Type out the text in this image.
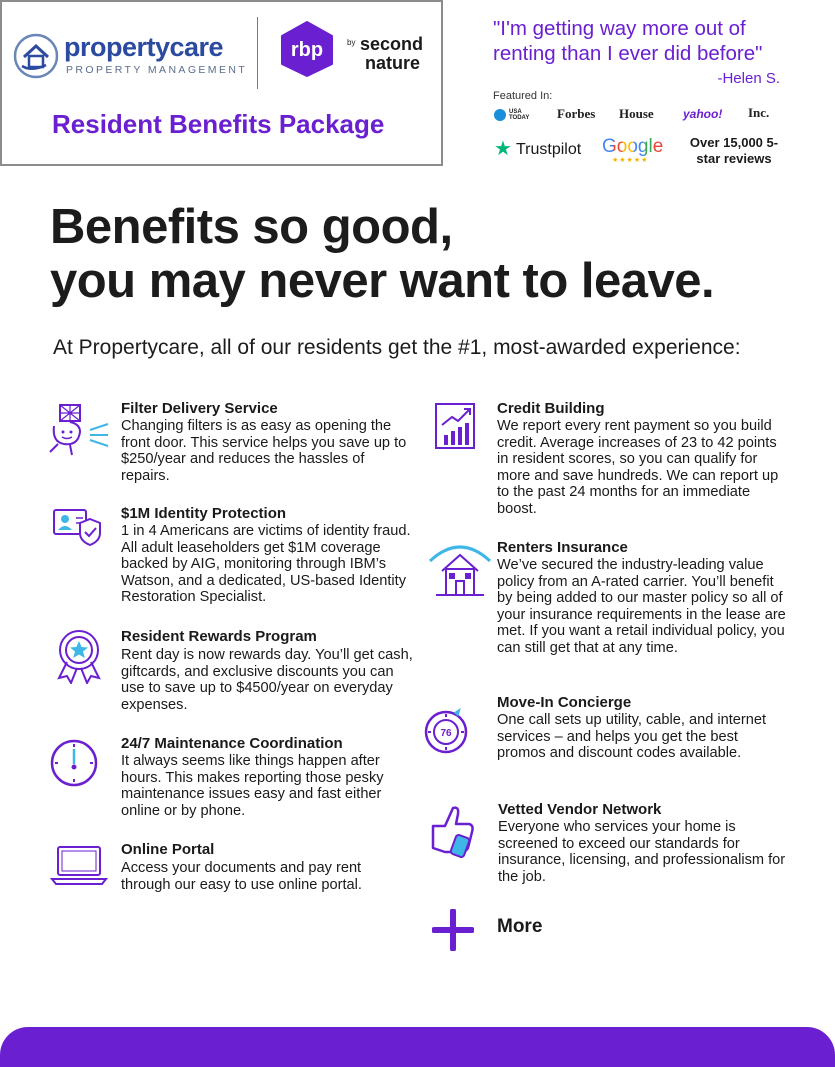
propertycare
PROPERTY MANAGEMENT
rbp	by second
nature
Resident Benefits Package
"I'm getting way more out of renting than I ever did before"
-Helen S.
Featured In:
USA TODAY Forbes House yahoo! Inc.
★ Trustpilot Google
★★★★★
Over 15,000 5-star reviews
Benefits so good,
you may never want to leave.
At Propertycare, all of our residents get the #1, most-awarded experience:
Filter Delivery Service
Changing filters is as easy as opening the front door. This service helps you save up to $250/year and reduces the hassles of repairs.
$1M Identity Protection
1 in 4 Americans are victims of identity fraud. All adult leaseholders get $1M coverage backed by AIG, monitoring through IBM’s Watson, and a dedicated, US-based Identity Restoration Specialist.
Resident Rewards Program
Rent day is now rewards day. You’ll get cash, giftcards, and exclusive discounts you can use to save up to $4500/year on everyday expenses.
24/7 Maintenance Coordination
It always seems like things happen after hours. This makes reporting those pesky maintenance issues easy and fast either online or by phone.
Online Portal
Access your documents and pay rent through our easy to use online portal.
Credit Building
We report every rent payment so you build credit. Average increases of 23 to 42 points in resident scores, so you can qualify for more and save hundreds. We can report up to the past 24 months for an immediate boost.
Renters Insurance
We’ve secured the industry-leading value policy from an A-rated carrier. You’ll benefit by being added to our master policy so all of your insurance requirements in the lease are met. If you want a retail individual policy, you can still get that at any time.
76
Move-In Concierge
One call sets up utility, cable, and internet services – and helps you get the best promos and discount codes available.
Vetted Vendor Network
Everyone who services your home is screened to exceed our standards for insurance, licensing, and professionalism for the job.
More
